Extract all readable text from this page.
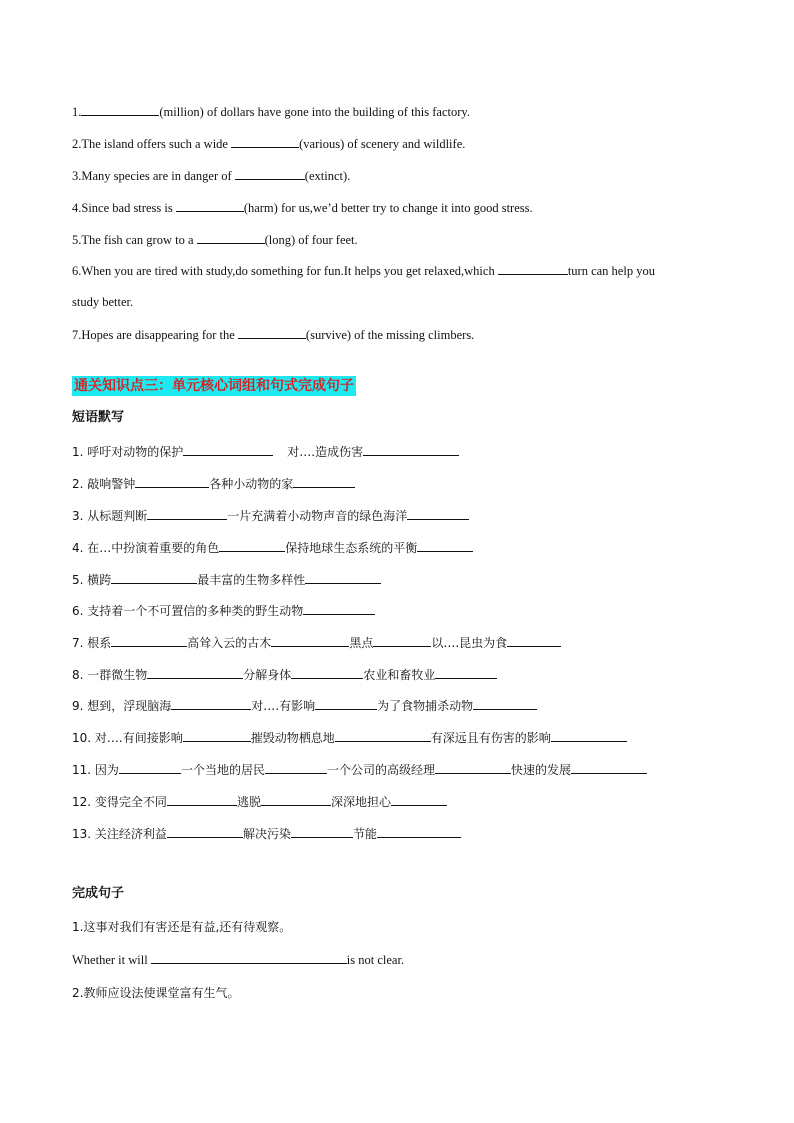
1.	(million) of dollars have gone into the building of this factory.
2.The island offers such a wide	(various) of scenery and wildlife.
3.Many species are in danger of	(extinct).
4.Since bad stress is	(harm) for us,we’d better try to change it into good stress.
5.The fish can grow to a	(long) of four feet.
6.When you are tired with study,do something for fun.It helps you get relaxed,which	turn can help you
study better.
7.Hopes are disappearing for the	(survive) of the missing climbers.
通关知识点三：单元核心词组和句式完成句子
短语默写
1. 呼吁对动物的保护	对….造成伤害
2. 敲响警钟	各种小动物的家
3. 从标题判断	一片充满着小动物声音的绿色海洋
4. 在…中扮演着重要的角色	保持地球生态系统的平衡
5. 横跨	最丰富的生物多样性
6. 支持着一个不可置信的多种类的野生动物
7. 根系	高耸入云的古木	黑点	以….昆虫为食
8. 一群微生物	分解身体	农业和畜牧业
9. 想到，浮现脑海	对….有影响	为了食物捕杀动物
10. 对….有间接影响	摧毁动物栖息地	有深远且有伤害的影响
11. 因为	一个当地的居民	一个公司的高级经理	快速的发展
12. 变得完全不同	逃脱	深深地担心
13. 关注经济利益	解决污染	节能
完成句子
1.这事对我们有害还是有益,还有待观察。
Whether it will	is not clear.
2.教师应设法使课堂富有生气。
